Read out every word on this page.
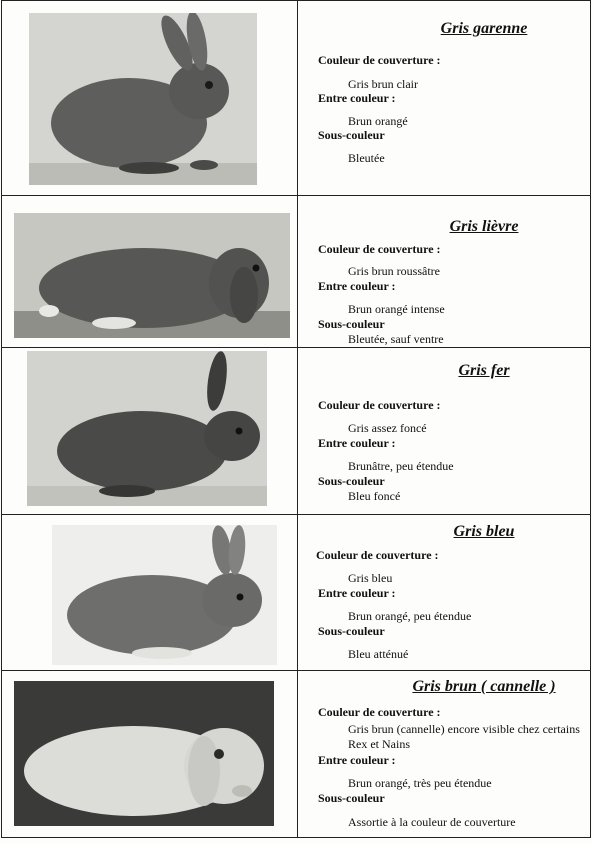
Gris garenne
Couleur de couverture :
Gris brun clair
Entre couleur :
Brun orangé
Sous-couleur
Bleutée
Gris lièvre
Couleur de couverture :
Gris brun roussâtre
Entre couleur :
Brun orangé intense
Sous-couleur
Bleutée, sauf ventre
Gris fer
Couleur de couverture :
Gris assez foncé
Entre couleur :
Brunâtre, peu étendue
Sous-couleur
Bleu foncé
Gris bleu
Couleur de couverture :
Gris bleu
Entre couleur :
Brun orangé, peu étendue
Sous-couleur
Bleu atténué
Gris brun ( cannelle )
Couleur de couverture :
Gris brun (cannelle) encore visible chez certains Rex et Nains
Entre couleur :
Brun orangé, très peu étendue
Sous-couleur
Assortie à la couleur de couverture
